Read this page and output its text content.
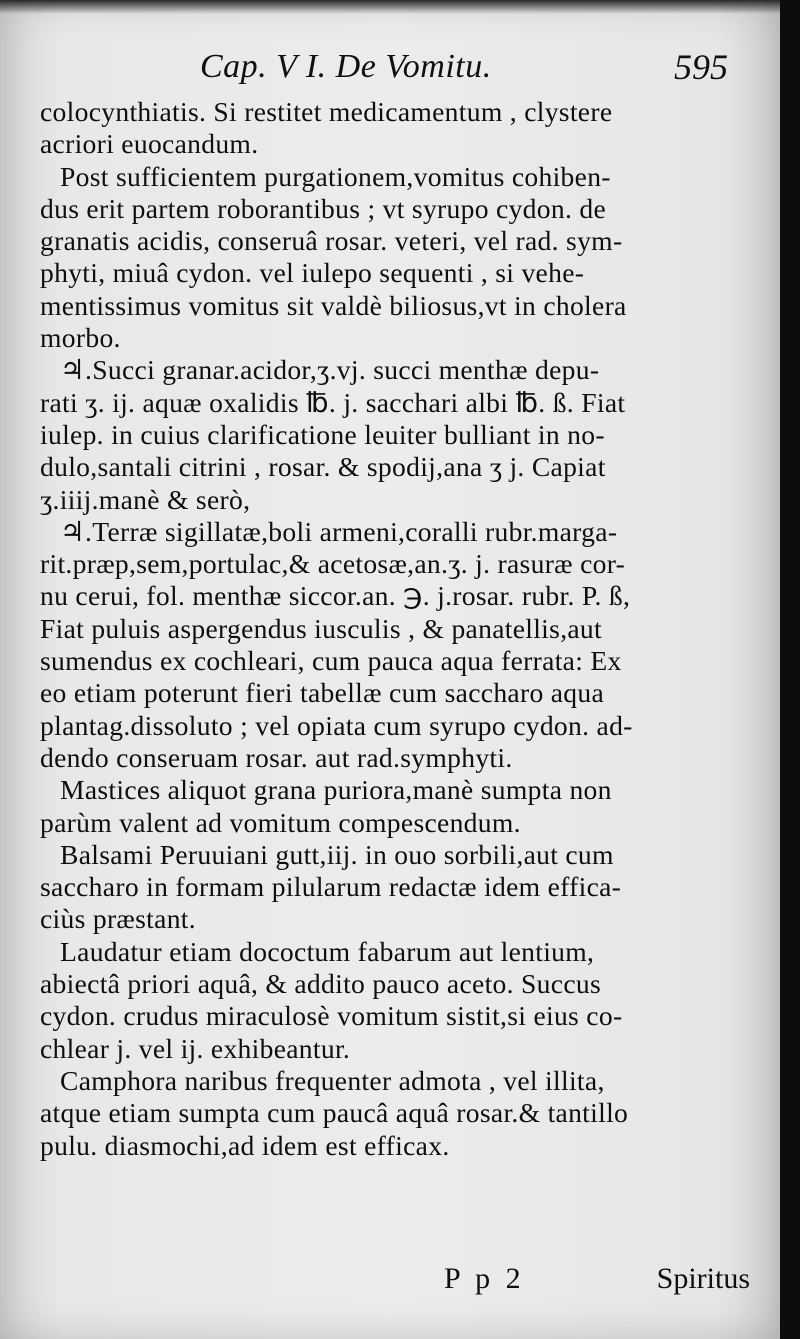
Cap. V I. De Vomitu.	595
colocynthiatis. Si restitet medicamentum , clystere
acriori euocandum.
Post sufficientem purgationem,vomitus cohiben-
dus erit partem roborantibus ; vt syrupo cydon. de
granatis acidis, conseruâ rosar. veteri, vel rad. sym-
phyti, miuâ cydon. vel iulepo sequenti , si vehe-
mentissimus vomitus sit valdè biliosus,vt in cholera
morbo.
♃.Succi granar.acidor,ʒ.vj. succi menthæ depu-
rati ʒ. ij. aquæ oxalidis ℔. j. sacchari albi ℔. ß. Fiat
iulep. in cuius clarificatione leuiter bulliant in no-
dulo,santali citrini , rosar. & spodij,ana ʒ j. Capiat
ʒ.iiij.manè & serò,
♃.Terræ sigillatæ,boli armeni,coralli rubr.marga-
rit.præp,sem,portulac,& acetosæ,an.ʒ. j. rasuræ cor-
nu cerui, fol. menthæ siccor.an. ℈. j.rosar. rubr. P. ß,
Fiat puluis aspergendus iusculis , & panatellis,aut
sumendus ex cochleari, cum pauca aqua ferrata: Ex
eo etiam poterunt fieri tabellæ cum saccharo aqua
plantag.dissoluto ; vel opiata cum syrupo cydon. ad-
dendo conseruam rosar. aut rad.symphyti.
Mastices aliquot grana puriora,manè sumpta non
parùm valent ad vomitum compescendum.
Balsami Peruuiani gutt,iij. in ouo sorbili,aut cum
saccharo in formam pilularum redactæ idem effica-
ciùs præstant.
Laudatur etiam dococtum fabarum aut lentium,
abiectâ priori aquâ, & addito pauco aceto. Succus
cydon. crudus miraculosè vomitum sistit,si eius co-
chlear j. vel ij. exhibeantur.
Camphora naribus frequenter admota , vel illita,
atque etiam sumpta cum paucâ aquâ rosar.& tantillo
pulu. diasmochi,ad idem est efficax.
P p 2	Spiritus
